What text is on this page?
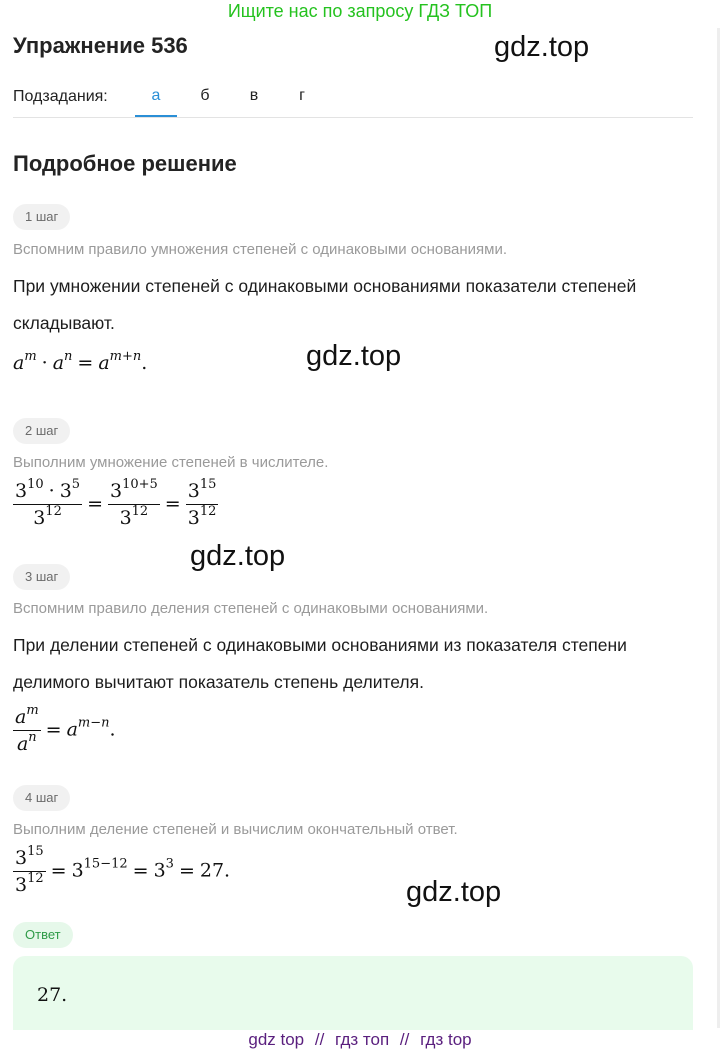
Ищите нас по запросу ГДЗ ТОП
Упражнение 536	gdz.top
Подзадания:	а	б	в	г
Подробное решение
1 шаг
Вспомним правило умножения степеней с одинаковыми основаниями.
При умножении степеней с одинаковыми основаниями показатели степеней складывают.
$a^m \cdot a^n = a^{m+n}$.	gdz.top
2 шаг
Выполним умножение степеней в числителе.
$\frac{3^{10} \cdot 3^5}{3^{12}} = \frac{3^{10+5}}{3^{12}} = \frac{3^{15}}{3^{12}}$
gdz.top
3 шаг
Вспомним правило деления степеней с одинаковыми основаниями.
При делении степеней с одинаковыми основаниями из показателя степени делимого вычитают показатель степень делителя.
$\frac{a^m}{a^n} = a^{m-n}$.
4 шаг
Выполним деление степеней и вычислим окончательный ответ.
$\frac{3^{15}}{3^{12}} = 3^{15-12} = 3^3 = 27$.
gdz.top
Ответ
27.
gdz top // гдз топ // гдз top
